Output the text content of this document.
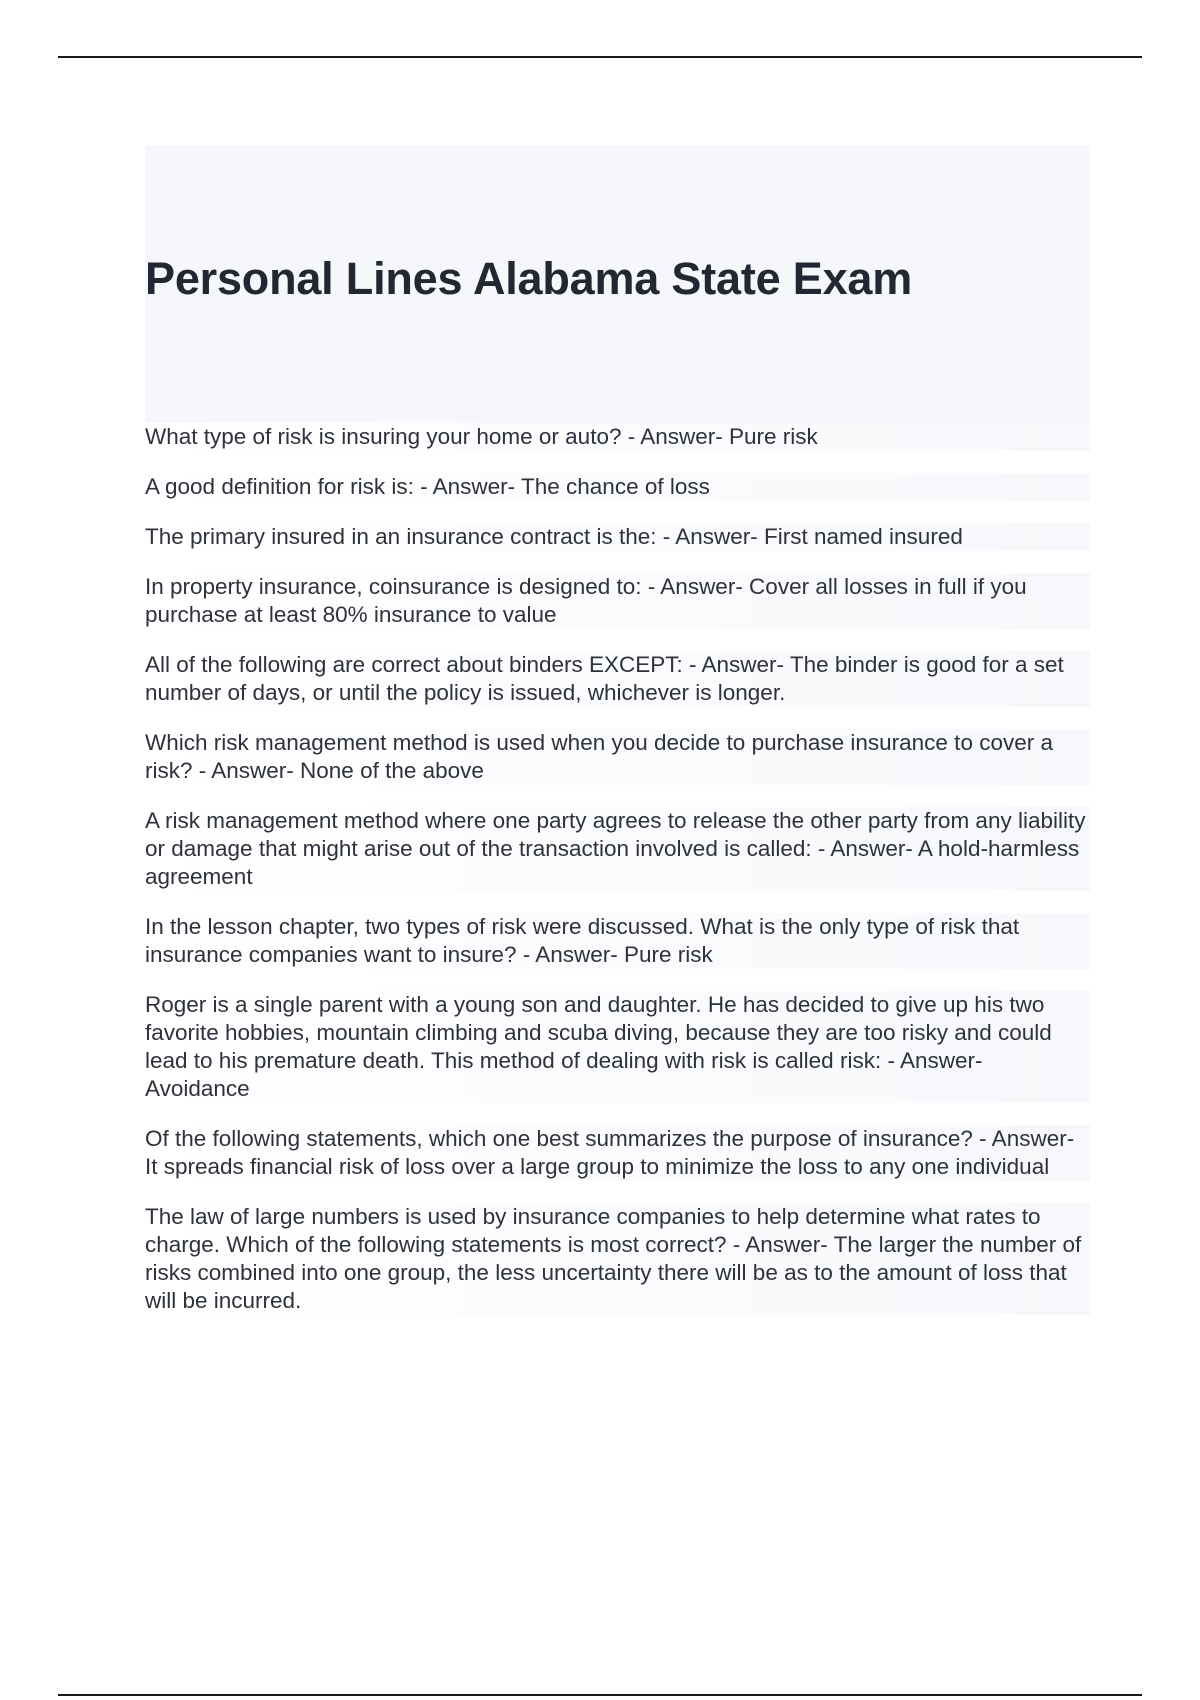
Personal Lines Alabama State Exam
What type of risk is insuring your home or auto? - Answer- Pure risk
A good definition for risk is: - Answer- The chance of loss
The primary insured in an insurance contract is the: - Answer- First named insured
In property insurance, coinsurance is designed to: - Answer- Cover all losses in full if you purchase at least 80% insurance to value
All of the following are correct about binders EXCEPT: - Answer- The binder is good for a set number of days, or until the policy is issued, whichever is longer.
Which risk management method is used when you decide to purchase insurance to cover a risk? - Answer- None of the above
A risk management method where one party agrees to release the other party from any liability or damage that might arise out of the transaction involved is called: - Answer- A hold-harmless agreement
In the lesson chapter, two types of risk were discussed. What is the only type of risk that insurance companies want to insure? - Answer- Pure risk
Roger is a single parent with a young son and daughter. He has decided to give up his two favorite hobbies, mountain climbing and scuba diving, because they are too risky and could lead to his premature death. This method of dealing with risk is called risk: - Answer- Avoidance
Of the following statements, which one best summarizes the purpose of insurance? - Answer- It spreads financial risk of loss over a large group to minimize the loss to any one individual
The law of large numbers is used by insurance companies to help determine what rates to charge. Which of the following statements is most correct? - Answer- The larger the number of risks combined into one group, the less uncertainty there will be as to the amount of loss that will be incurred.
